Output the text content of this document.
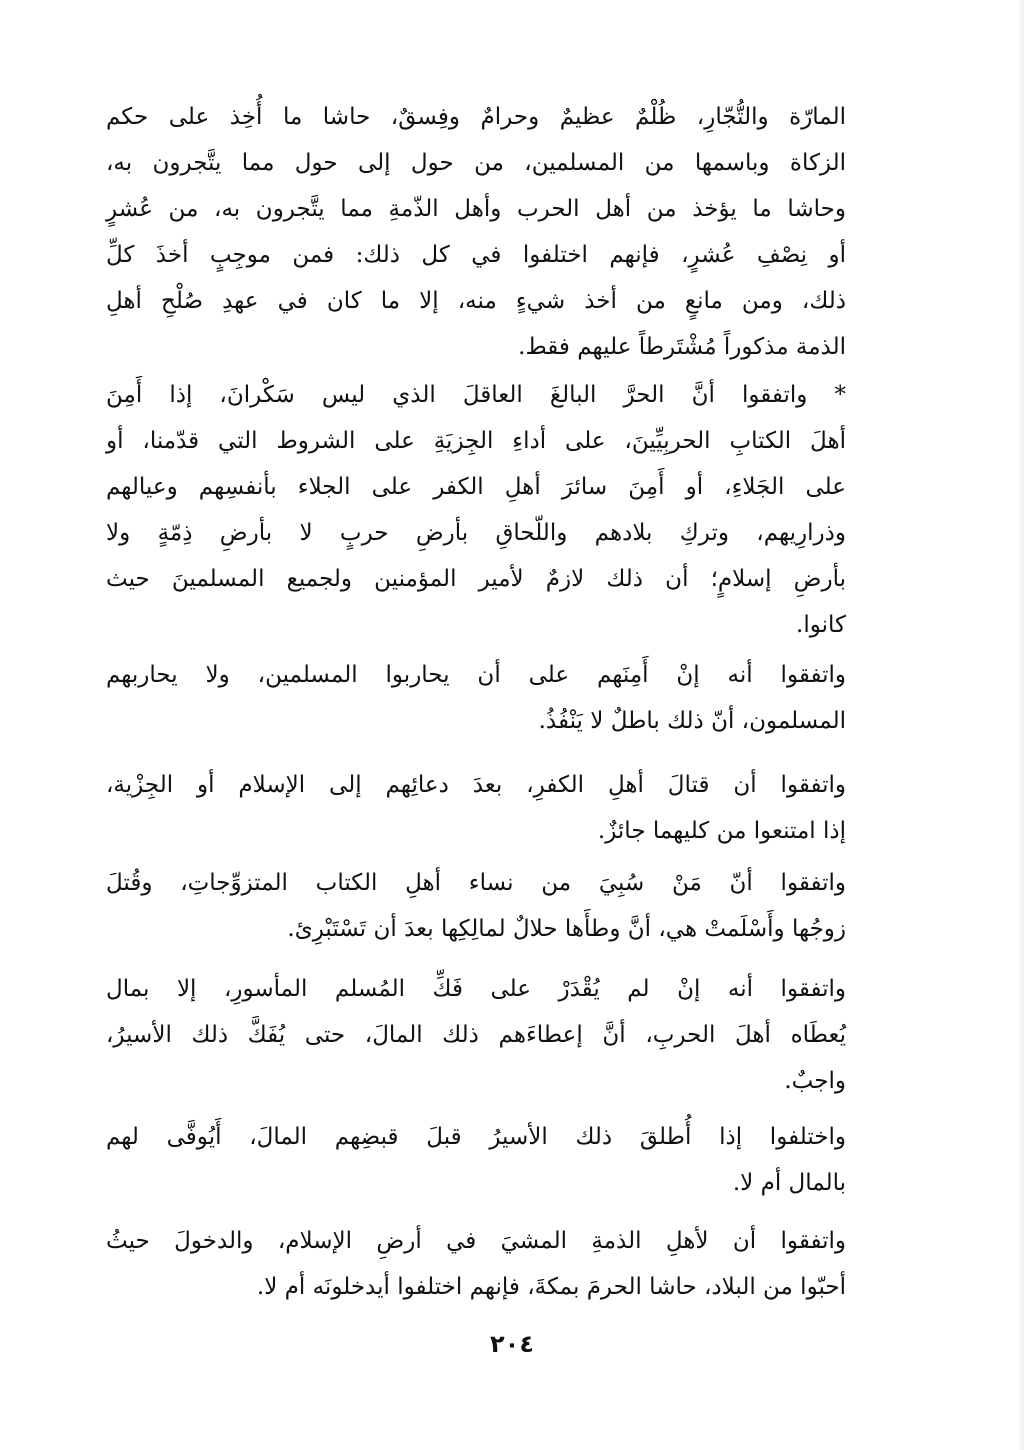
المارّة والتُّجّارِ، ظُلْمٌ عظيمٌ وحرامٌ وفِسقٌ، حاشا ما أُخِذ على حكم
الزكاة وباسمها من المسلمين، من حول إلى حول مما يتَّجرون به،
وحاشا ما يؤخذ من أهل الحرب وأهل الذّمةِ مما يتَّجرون به، من عُشرٍ
أو نِصْفِ عُشرٍ، فإنهم اختلفوا في كل ذلك: فمن موجِبٍ أخذَ كلِّ
ذلك، ومن مانعٍ من أخذ شيءٍ منه، إلا ما كان في عهدِ صُلْحِ أهلِ
الذمة مذكوراً مُشْتَرطاً عليهم فقط.
* واتفقوا أنَّ الحرَّ البالغَ العاقلَ الذي ليس سَكْرانَ، إذا أَمِنَ
أهلَ الكتابِ الحربِيِّينَ، على أداءِ الجِزيَةِ على الشروط التي قدّمنا، أو
على الجَلاءِ، أو أَمِنَ سائرَ أهلِ الكفر على الجلاء بأنفسِهم وعيالهم
وذرارِيهم، وتركِ بلادهم واللّحاقِ بأرضِ حربٍ لا بأرضِ ذِمّةٍ ولا
بأرضِ إسلامٍ؛ أن ذلك لازمٌ لأمير المؤمنين ولجميع المسلمينَ حيث
كانوا.
واتفقوا أنه إنْ أَمِنَهم على أن يحاربوا المسلمين، ولا يحاربهم
المسلمون، أنّ ذلك باطلٌ لا يَنْفُذُ.
واتفقوا أن قتالَ أهلِ الكفرِ، بعدَ دعائِهم إلى الإسلام أو الجِزْية،
إذا امتنعوا من كليهما جائزٌ.
واتفقوا أنّ مَنْ سُبِيَ من نساء أهلِ الكتاب المتزوِّجاتِ، وقُتلَ
زوجُها وأَسْلَمتْ هي، أنَّ وطأَها حلالٌ لمالِكِها بعدَ أن تَسْتَبْرِئ.
واتفقوا أنه إنْ لم يُقْدَرْ على فَكِّ المُسلم المأسورِ، إلا بمال
يُعطَاه أهلَ الحربِ، أنَّ إعطاءَهم ذلك المالَ، حتى يُفَكَّ ذلك الأسيرُ،
واجبٌ.
واختلفوا إذا أُطلقَ ذلك الأسيرُ قبلَ قبضِهم المالَ، أَيُوفَّى لهم
بالمال أم لا.
واتفقوا أن لأهلِ الذمةِ المشيَ في أرضِ الإسلام، والدخولَ حيثُ
أحبّوا من البلاد، حاشا الحرمَ بمكةَ، فإنهم اختلفوا أيدخلونَه أم لا.
٢٠٤
